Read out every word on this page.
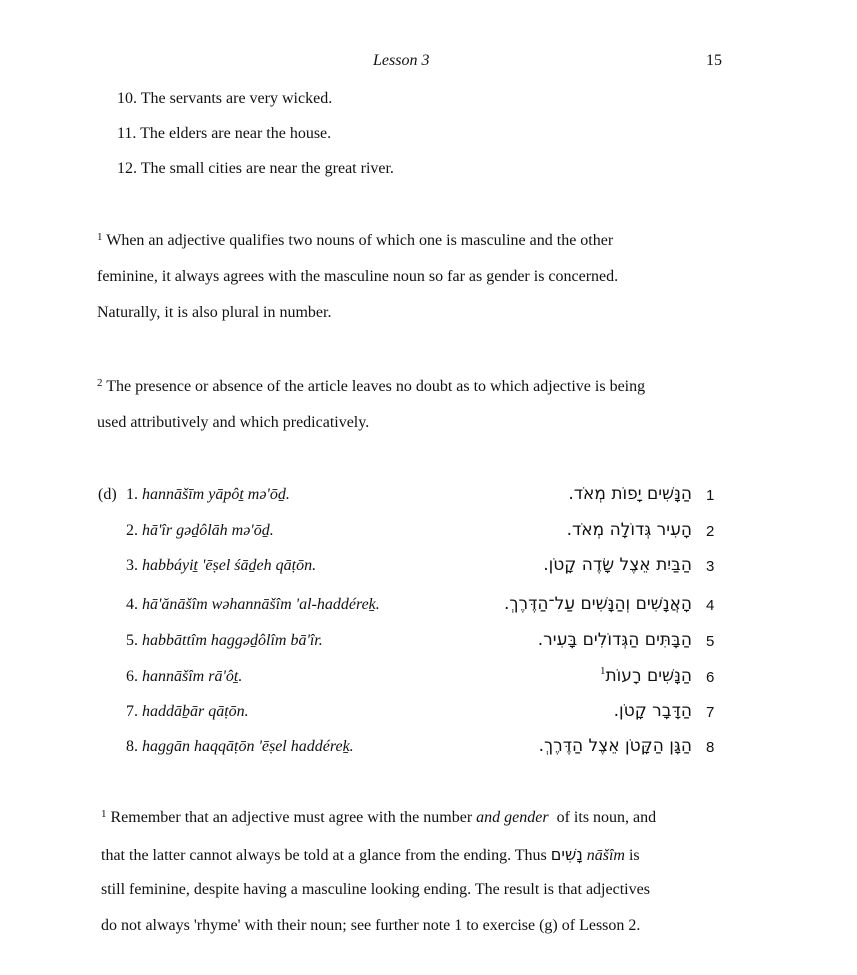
Lesson 3	15
10. The servants are very wicked.
11. The elders are near the house.
12. The small cities are near the great river.
$^1$ When an adjective qualifies two nouns of which one is masculine and the other
feminine, it always agrees with the masculine noun so far as gender is concerned.
Naturally, it is also plural in number.
$^2$ The presence or absence of the article leaves no doubt as to which adjective is being
used attributively and which predicatively.
(d) 1. hannāšīm yāpôṯ mə'ōḏ.	הַנָּשִׁים יָפוֹת מְאֹד. 1
2. hā'îr gəḏôlāh mə'ōḏ.	הָעִיר גְּדוֹלָה מְאֹד. 2
3. habbáyiṯ 'ēṣel śāḏeh qāṭōn.	הַבַּיִת אֵצֶל שָׂדֶה קָטֹן. 3
4. hā'ănāšîm wəhannāšîm 'al-haddéreḵ.	הָאֲנָשִׁים וְהַנָּשִׁים עַל־הַדֶּרֶךְ. 4
5. habbāttîm haggəḏôlîm bā'îr.	הַבָּתִּים הַגְּדוֹלִים בָּעִיר. 5
6. hannāšîm rā'ôṯ.	הַנָּשִׁים רָעוֹת$^1$	6
7. haddāḇār qāṭōn.	הַדָּבָר קָטֹן. 7
8. haggān haqqāṭōn 'ēṣel haddéreḵ.	הַגָּן הַקָּטֹן אֵצֶל הַדֶּרֶךְ. 8
$^1$ Remember that an adjective must agree with the number and gender  of its noun, and
that the latter cannot always be told at a glance from the ending. Thus נָשִׁים nāšîm is
still feminine, despite having a masculine looking ending. The result is that adjectives
do not always 'rhyme' with their noun; see further note 1 to exercise (g) of Lesson 2.
